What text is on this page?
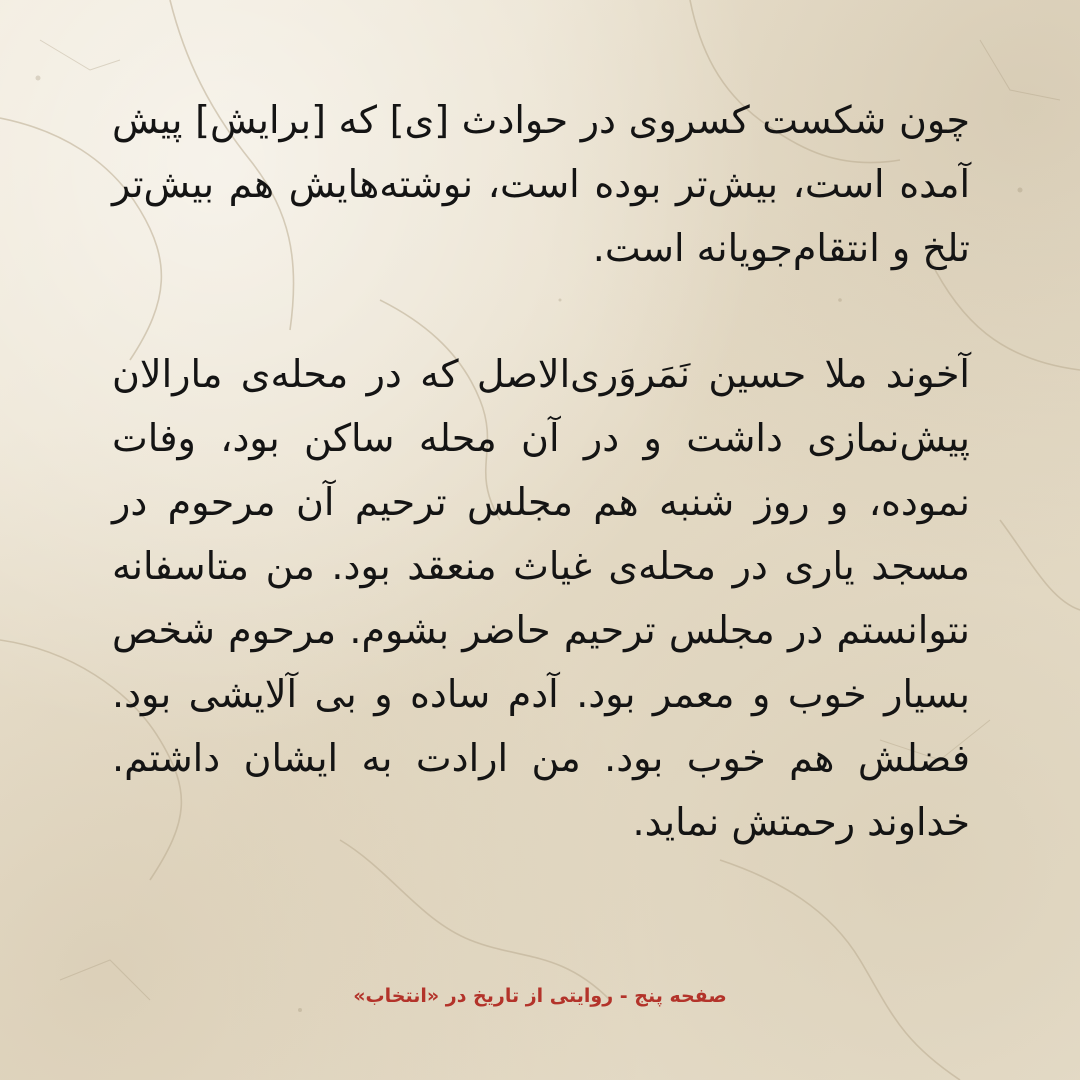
چون شکست کسروی در حوادث [ی] که [برایش] پیش آمده است، بیش‌تر بوده است، نوشته‌هایش هم بیش‌تر تلخ و انتقام‌جویانه است.

آخوند ملا حسین نَمَروَری‌الاصل که در محله‌ی مارالان پیش‌نمازی داشت و در آن محله ساکن بود، وفات نموده، و روز شنبه هم مجلس ترحیم آن مرحوم در مسجد یاری در محله‌ی غیاث منعقد بود. من متاسفانه نتوانستم در مجلس ترحیم حاضر بشوم. مرحوم شخص بسیار خوب و معمر بود. آدم ساده و بی آلایشی بود. فضلش هم خوب بود. من ارادت به ایشان داشتم. خداوند رحمتش نماید.

صفحه پنج - روایتی از تاریخ در «انتخاب»
